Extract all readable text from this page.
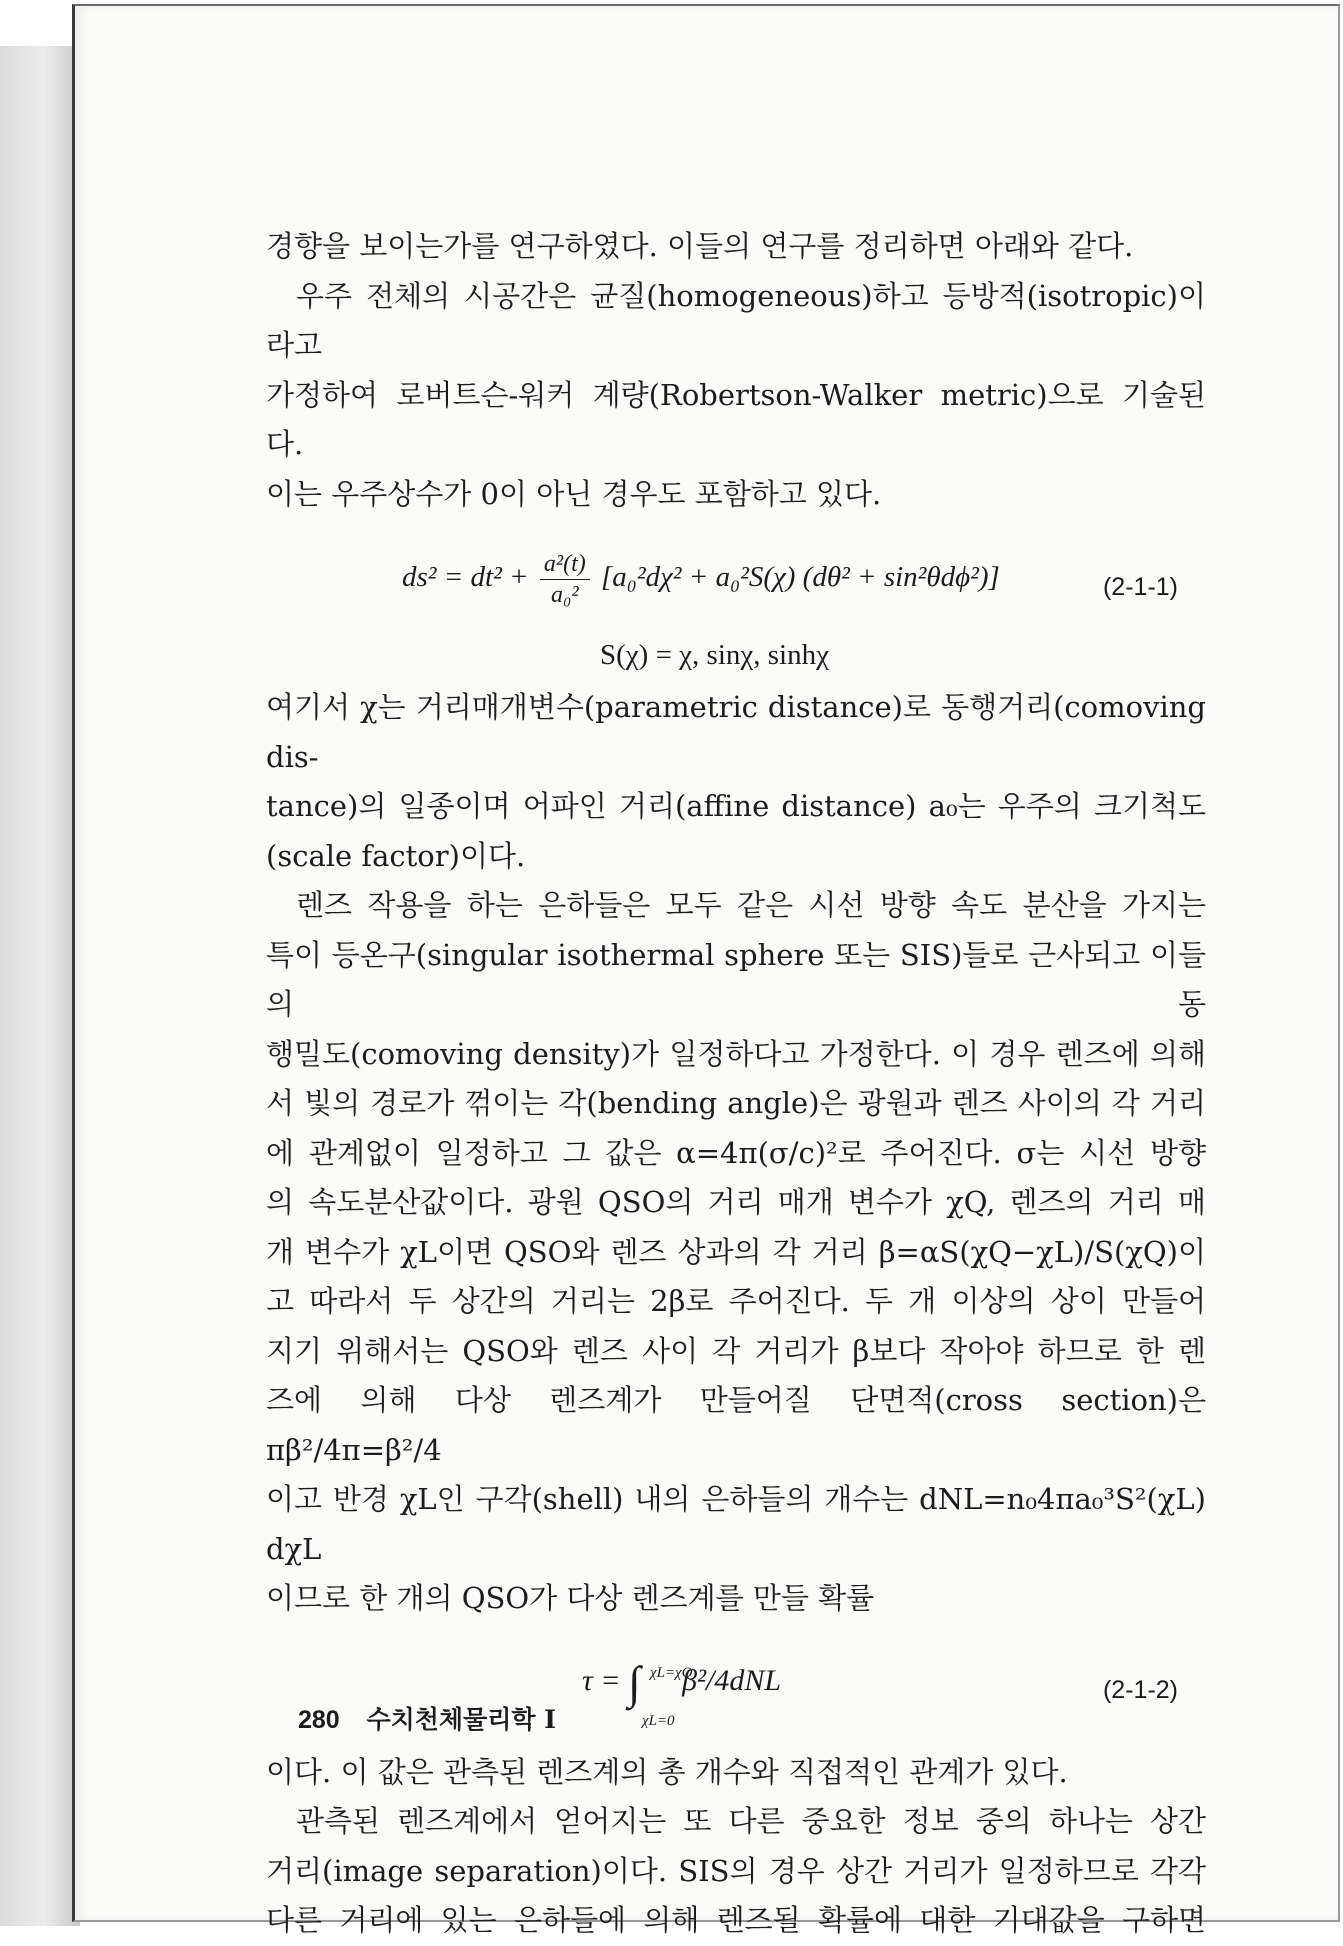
경향을 보이는가를 연구하였다. 이들의 연구를 정리하면 아래와 같다.

우주 전체의 시공간은 균질(homogeneous)하고 등방적(isotropic)이라고

가정하여 로버트슨-워커 계량(Robertson-Walker metric)으로 기술된다.

이는 우주상수가 0이 아닌 경우도 포함하고 있다.

$ds^2 = dt^2 + \frac{\text{a²(t)}}{\text{a₀²}} [a_0^2d\chi^2 + a_0^2S(\chi) (d\theta^2 + \sin^2\theta d\phi^2)]$	(2-1-1)
S(χ) = χ, sinχ, sinhχ

여기서 χ는 거리매개변수(parametric distance)로 동행거리(comoving dis-

tance)의 일종이며 어파인 거리(affine distance) a₀는 우주의 크기척도

(scale factor)이다.

렌즈 작용을 하는 은하들은 모두 같은 시선 방향 속도 분산을 가지는

특이 등온구(singular isothermal sphere 또는 SIS)들로 근사되고 이들의 동

행밀도(comoving density)가 일정하다고 가정한다. 이 경우 렌즈에 의해

서 빛의 경로가 꺾이는 각(bending angle)은 광원과 렌즈 사이의 각 거리

에 관계없이 일정하고 그 값은 α=4π(σ/c)²로 주어진다. σ는 시선 방향

의 속도분산값이다. 광원 QSO의 거리 매개 변수가 χQ, 렌즈의 거리 매

개 변수가 χL이면 QSO와 렌즈 상과의 각 거리 β=αS(χQ−χL)/S(χQ)이

고 따라서 두 상간의 거리는 2β로 주어진다. 두 개 이상의 상이 만들어

지기 위해서는 QSO와 렌즈 사이 각 거리가 β보다 작아야 하므로 한 렌

즈에 의해 다상 렌즈계가 만들어질 단면적(cross section)은 πβ²/4π=β²/4

이고 반경 χL인 구각(shell) 내의 은하들의 개수는 dNL=n₀4πa₀³S²(χL) dχL

이므로 한 개의 QSO가 다상 렌즈계를 만들 확률

τ = ∫ χL=χQ
χL=0
β²/4dNL	(2-1-2)

이다. 이 값은 관측된 렌즈계의 총 개수와 직접적인 관계가 있다.

관측된 렌즈계에서 얻어지는 또 다른 중요한 정보 중의 하나는 상간

거리(image separation)이다. SIS의 경우 상간 거리가 일정하므로 각각

다른 거리에 있는 은하들에 의해 렌즈될 확률에 대한 기대값을 구하면

280 수치천체물리학 Ⅰ
